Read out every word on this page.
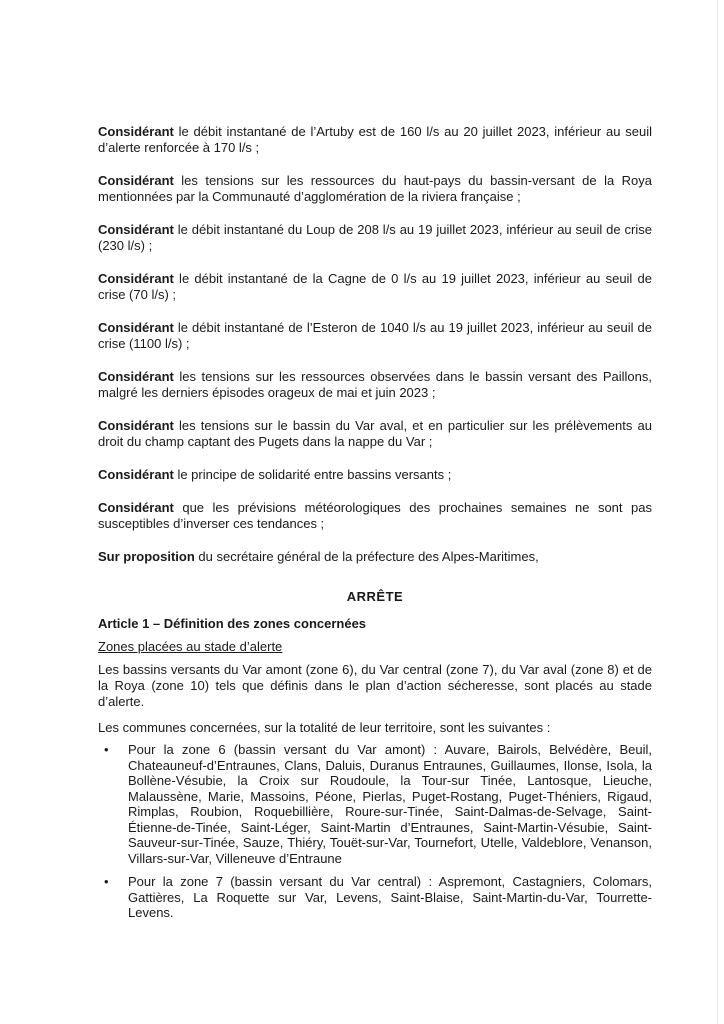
Considérant le débit instantané de l’Artuby est de 160 l/s au 20 juillet 2023, inférieur au seuil d’alerte renforcée à 170 l/s ;

Considérant les tensions sur les ressources du haut-pays du bassin-versant de la Roya mentionnées par la Communauté d’agglomération de la riviera française ;

Considérant le débit instantané du Loup de 208 l/s au 19 juillet 2023, inférieur au seuil de crise (230 l/s) ;

Considérant le débit instantané de la Cagne de 0 l/s au 19 juillet 2023, inférieur au seuil de crise (70 l/s) ;

Considérant le débit instantané de l’Esteron de 1040 l/s au 19 juillet 2023, inférieur au seuil de crise (1100 l/s) ;

Considérant les tensions sur les ressources observées dans le bassin versant des Paillons, malgré les derniers épisodes orageux de mai et juin 2023 ;

Considérant les tensions sur le bassin du Var aval, et en particulier sur les prélèvements au droit du champ captant des Pugets dans la nappe du Var ;

Considérant le principe de solidarité entre bassins versants ;

Considérant que les prévisions météorologiques des prochaines semaines ne sont pas susceptibles d’inverser ces tendances ;

Sur proposition du secrétaire général de la préfecture des Alpes-Maritimes,

ARRÊTE
Article 1 – Définition des zones concernées
Zones placées au stade d’alerte

Les bassins versants du Var amont (zone 6), du Var central (zone 7), du Var aval (zone 8) et de la Roya (zone 10) tels que définis dans le plan d’action sécheresse, sont placés au stade d’alerte.

Les communes concernées, sur la totalité de leur territoire, sont les suivantes :

• Pour la zone 6 (bassin versant du Var amont) : Auvare, Bairols, Belvédère, Beuil, Chateauneuf-d’Entraunes, Clans, Daluis, Duranus Entraunes, Guillaumes, Ilonse, Isola, la Bollène-Vésubie, la Croix sur Roudoule, la Tour-sur Tinée, Lantosque, Lieuche, Malaussène, Marie, Massoins, Péone, Pierlas, Puget-Rostang, Puget-Théniers, Rigaud, Rimplas, Roubion, Roquebillière, Roure-sur-Tinée, Saint-Dalmas-de-Selvage, Saint-Étienne-de-Tinée, Saint-Léger, Saint-Martin d’Entraunes, Saint-Martin-Vésubie, Saint-Sauveur-sur-Tinée, Sauze, Thiéry, Touët-sur-Var, Tournefort, Utelle, Valdeblore, Venanson, Villars-sur-Var, Villeneuve d’Entraune
• Pour la zone 7 (bassin versant du Var central) : Aspremont, Castagniers, Colomars, Gattières, La Roquette sur Var, Levens, Saint-Blaise, Saint-Martin-du-Var, Tourrette-Levens.
